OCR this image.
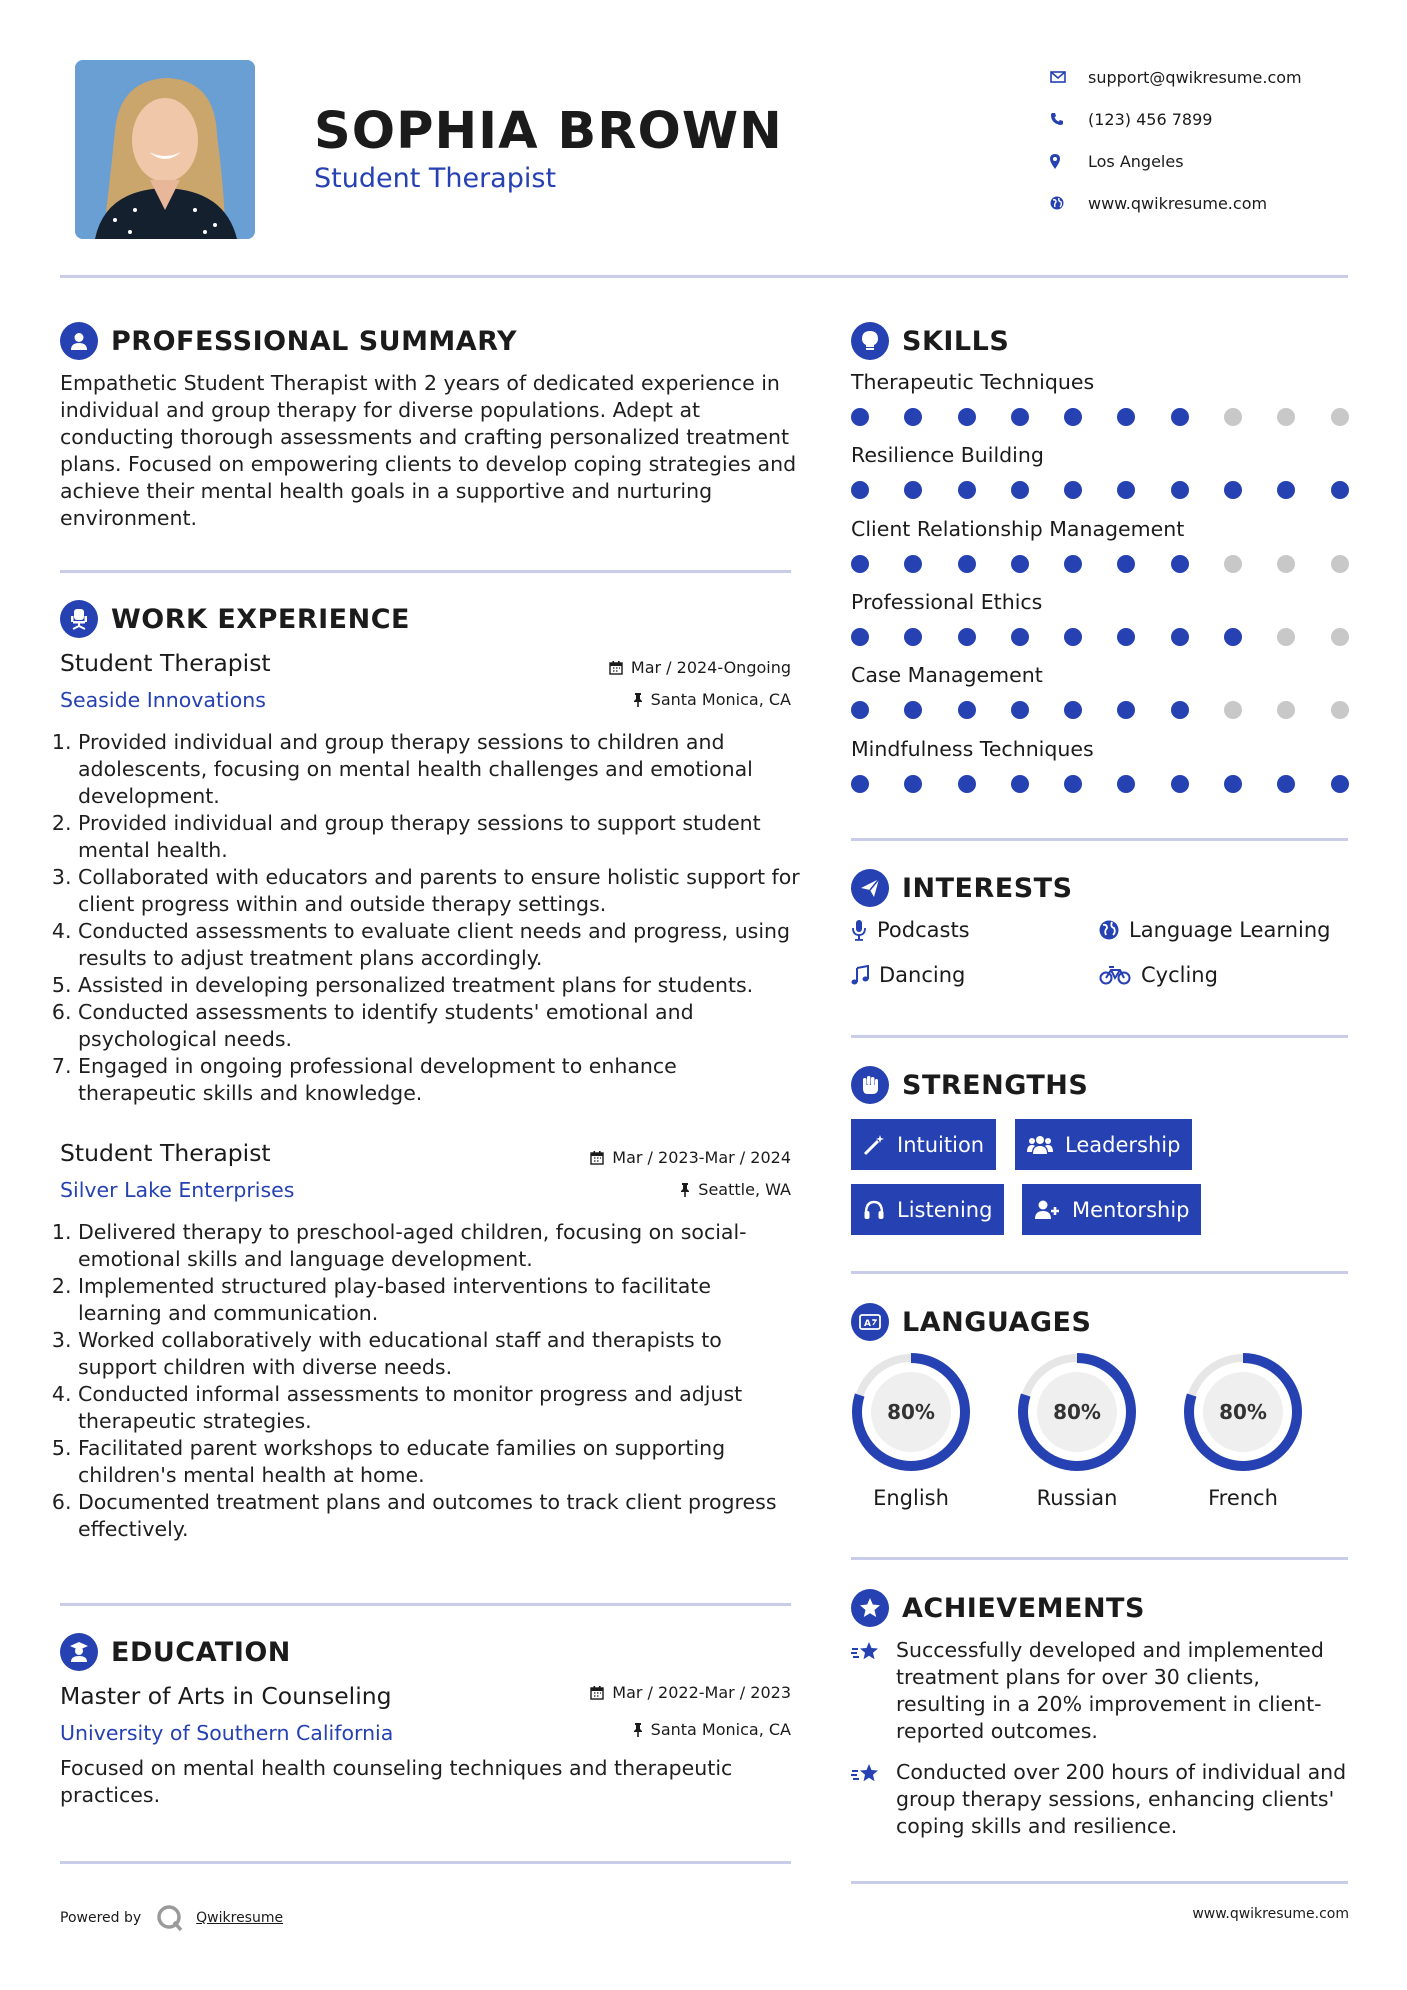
SOPHIA BROWN
Student Therapist
support@qwikresume.com
(123) 456 7899
Los Angeles
www.qwikresume.com
PROFESSIONAL SUMMARY
Empathetic Student Therapist with 2 years of dedicated experience in individual and group therapy for diverse populations. Adept at conducting thorough assessments and crafting personalized treatment plans. Focused on empowering clients to develop coping strategies and achieve their mental health goals in a supportive and nurturing environment.
WORK EXPERIENCE
Student Therapist
Seaside Innovations
Mar / 2024-Ongoing
Santa Monica, CA
1. Provided individual and group therapy sessions to children and adolescents, focusing on mental health challenges and emotional development.
2. Provided individual and group therapy sessions to support student mental health.
3. Collaborated with educators and parents to ensure holistic support for client progress within and outside therapy settings.
4. Conducted assessments to evaluate client needs and progress, using results to adjust treatment plans accordingly.
5. Assisted in developing personalized treatment plans for students.
6. Conducted assessments to identify students' emotional and psychological needs.
7. Engaged in ongoing professional development to enhance therapeutic skills and knowledge.
Student Therapist
Silver Lake Enterprises
Mar / 2023-Mar / 2024
Seattle, WA
1. Delivered therapy to preschool-aged children, focusing on social-emotional skills and language development.
2. Implemented structured play-based interventions to facilitate learning and communication.
3. Worked collaboratively with educational staff and therapists to support children with diverse needs.
4. Conducted informal assessments to monitor progress and adjust therapeutic strategies.
5. Facilitated parent workshops to educate families on supporting children's mental health at home.
6. Documented treatment plans and outcomes to track client progress effectively.
EDUCATION
Master of Arts in Counseling
University of Southern California
Mar / 2022-Mar / 2023
Santa Monica, CA
Focused on mental health counseling techniques and therapeutic practices.
SKILLS
Therapeutic Techniques
Resilience Building
Client Relationship Management
Professional Ethics
Case Management
Mindfulness Techniques
INTERESTS
Podcasts	Language Learning
Dancing	Cycling
STRENGTHS
Intuition	Leadership
Listening	Mentorship
A LANGUAGES
80%
English
80%
Russian
80%
French
ACHIEVEMENTS
Successfully developed and implemented treatment plans for over 30 clients, resulting in a 20% improvement in client-reported outcomes.
Conducted over 200 hours of individual and group therapy sessions, enhancing clients' coping skills and resilience.
Powered by	Qwikresume	www.qwikresume.com
